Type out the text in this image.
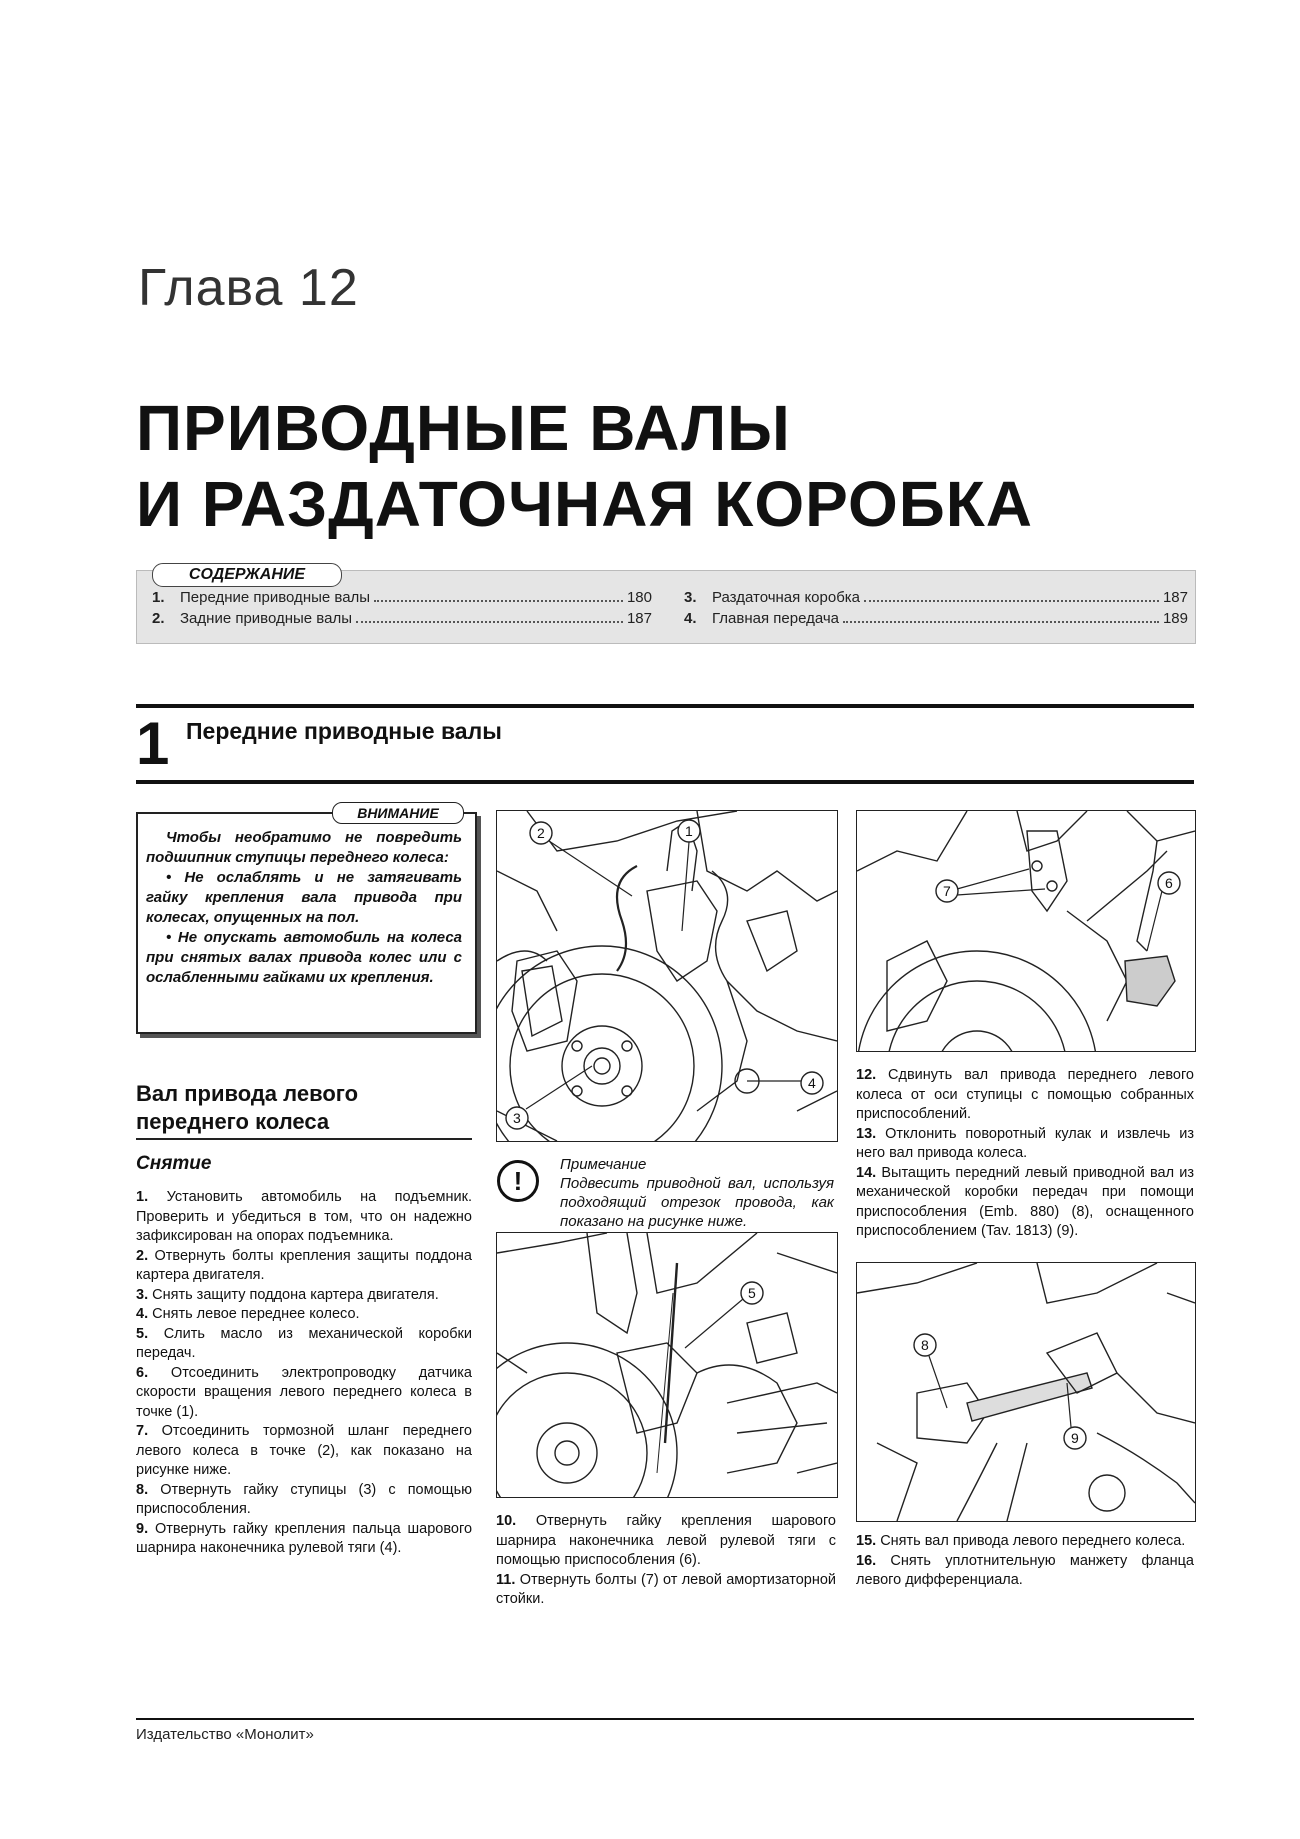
Глава 12
ПРИВОДНЫЕ ВАЛЫ
И РАЗДАТОЧНАЯ КОРОБКА
СОДЕРЖАНИЕ
1.	Передние приводные валы	180
2.	Задние приводные валы	187
3.	Раздаточная коробка	187
4.	Главная передача	189
1 Передние приводные валы
ВНИМАНИЕ

Чтобы необратимо не повредить подшипник ступицы переднего колеса:

• Не ослаблять и не затягивать гайку крепления вала привода при колесах, опущенных на пол.

• Не опускать автомобиль на колеса при снятых валах привода колес или с ослабленными гайками их крепления.

Вал привода левого переднего колеса
Снятие

1. Установить автомобиль на подъемник. Проверить и убедиться в том, что он надежно зафиксирован на опорах подъемника.

2. Отвернуть болты крепления защиты поддона картера двигателя.

3. Снять защиту поддона картера двигателя.

4. Снять левое переднее колесо.

5. Слить масло из механической коробки передач.

6. Отсоединить электропроводку датчика скорости вращения левого переднего колеса в точке (1).

7. Отсоединить тормозной шланг переднего левого колеса в точке (2), как показано на рисунке ниже.

8. Отвернуть гайку ступицы (3) с помощью приспособления.

9. Отвернуть гайку крепления пальца шарового шарнира наконечника рулевой тяги (4).

2	1
3
4
!
Примечание
Подвесить приводной вал, используя подходящий отрезок провода, как показано на рисунке ниже.
5

10. Отвернуть гайку крепления шарового шарнира наконечника левой рулевой тяги с помощью приспособления (6).

11. Отвернуть болты (7) от левой амортизаторной стойки.

7	6

12. Сдвинуть вал привода переднего левого колеса от оси ступицы с помощью собранных приспособлений.

13. Отклонить поворотный кулак и извлечь из него вал привода колеса.

14. Вытащить передний левый приводной вал из механической коробки передач при помощи приспособления (Emb. 880) (8), оснащенного приспособлением (Tav. 1813) (9).

8
9

15. Снять вал привода левого переднего колеса.

16. Снять уплотнительную манжету фланца левого дифференциала.

Издательство «Монолит»
